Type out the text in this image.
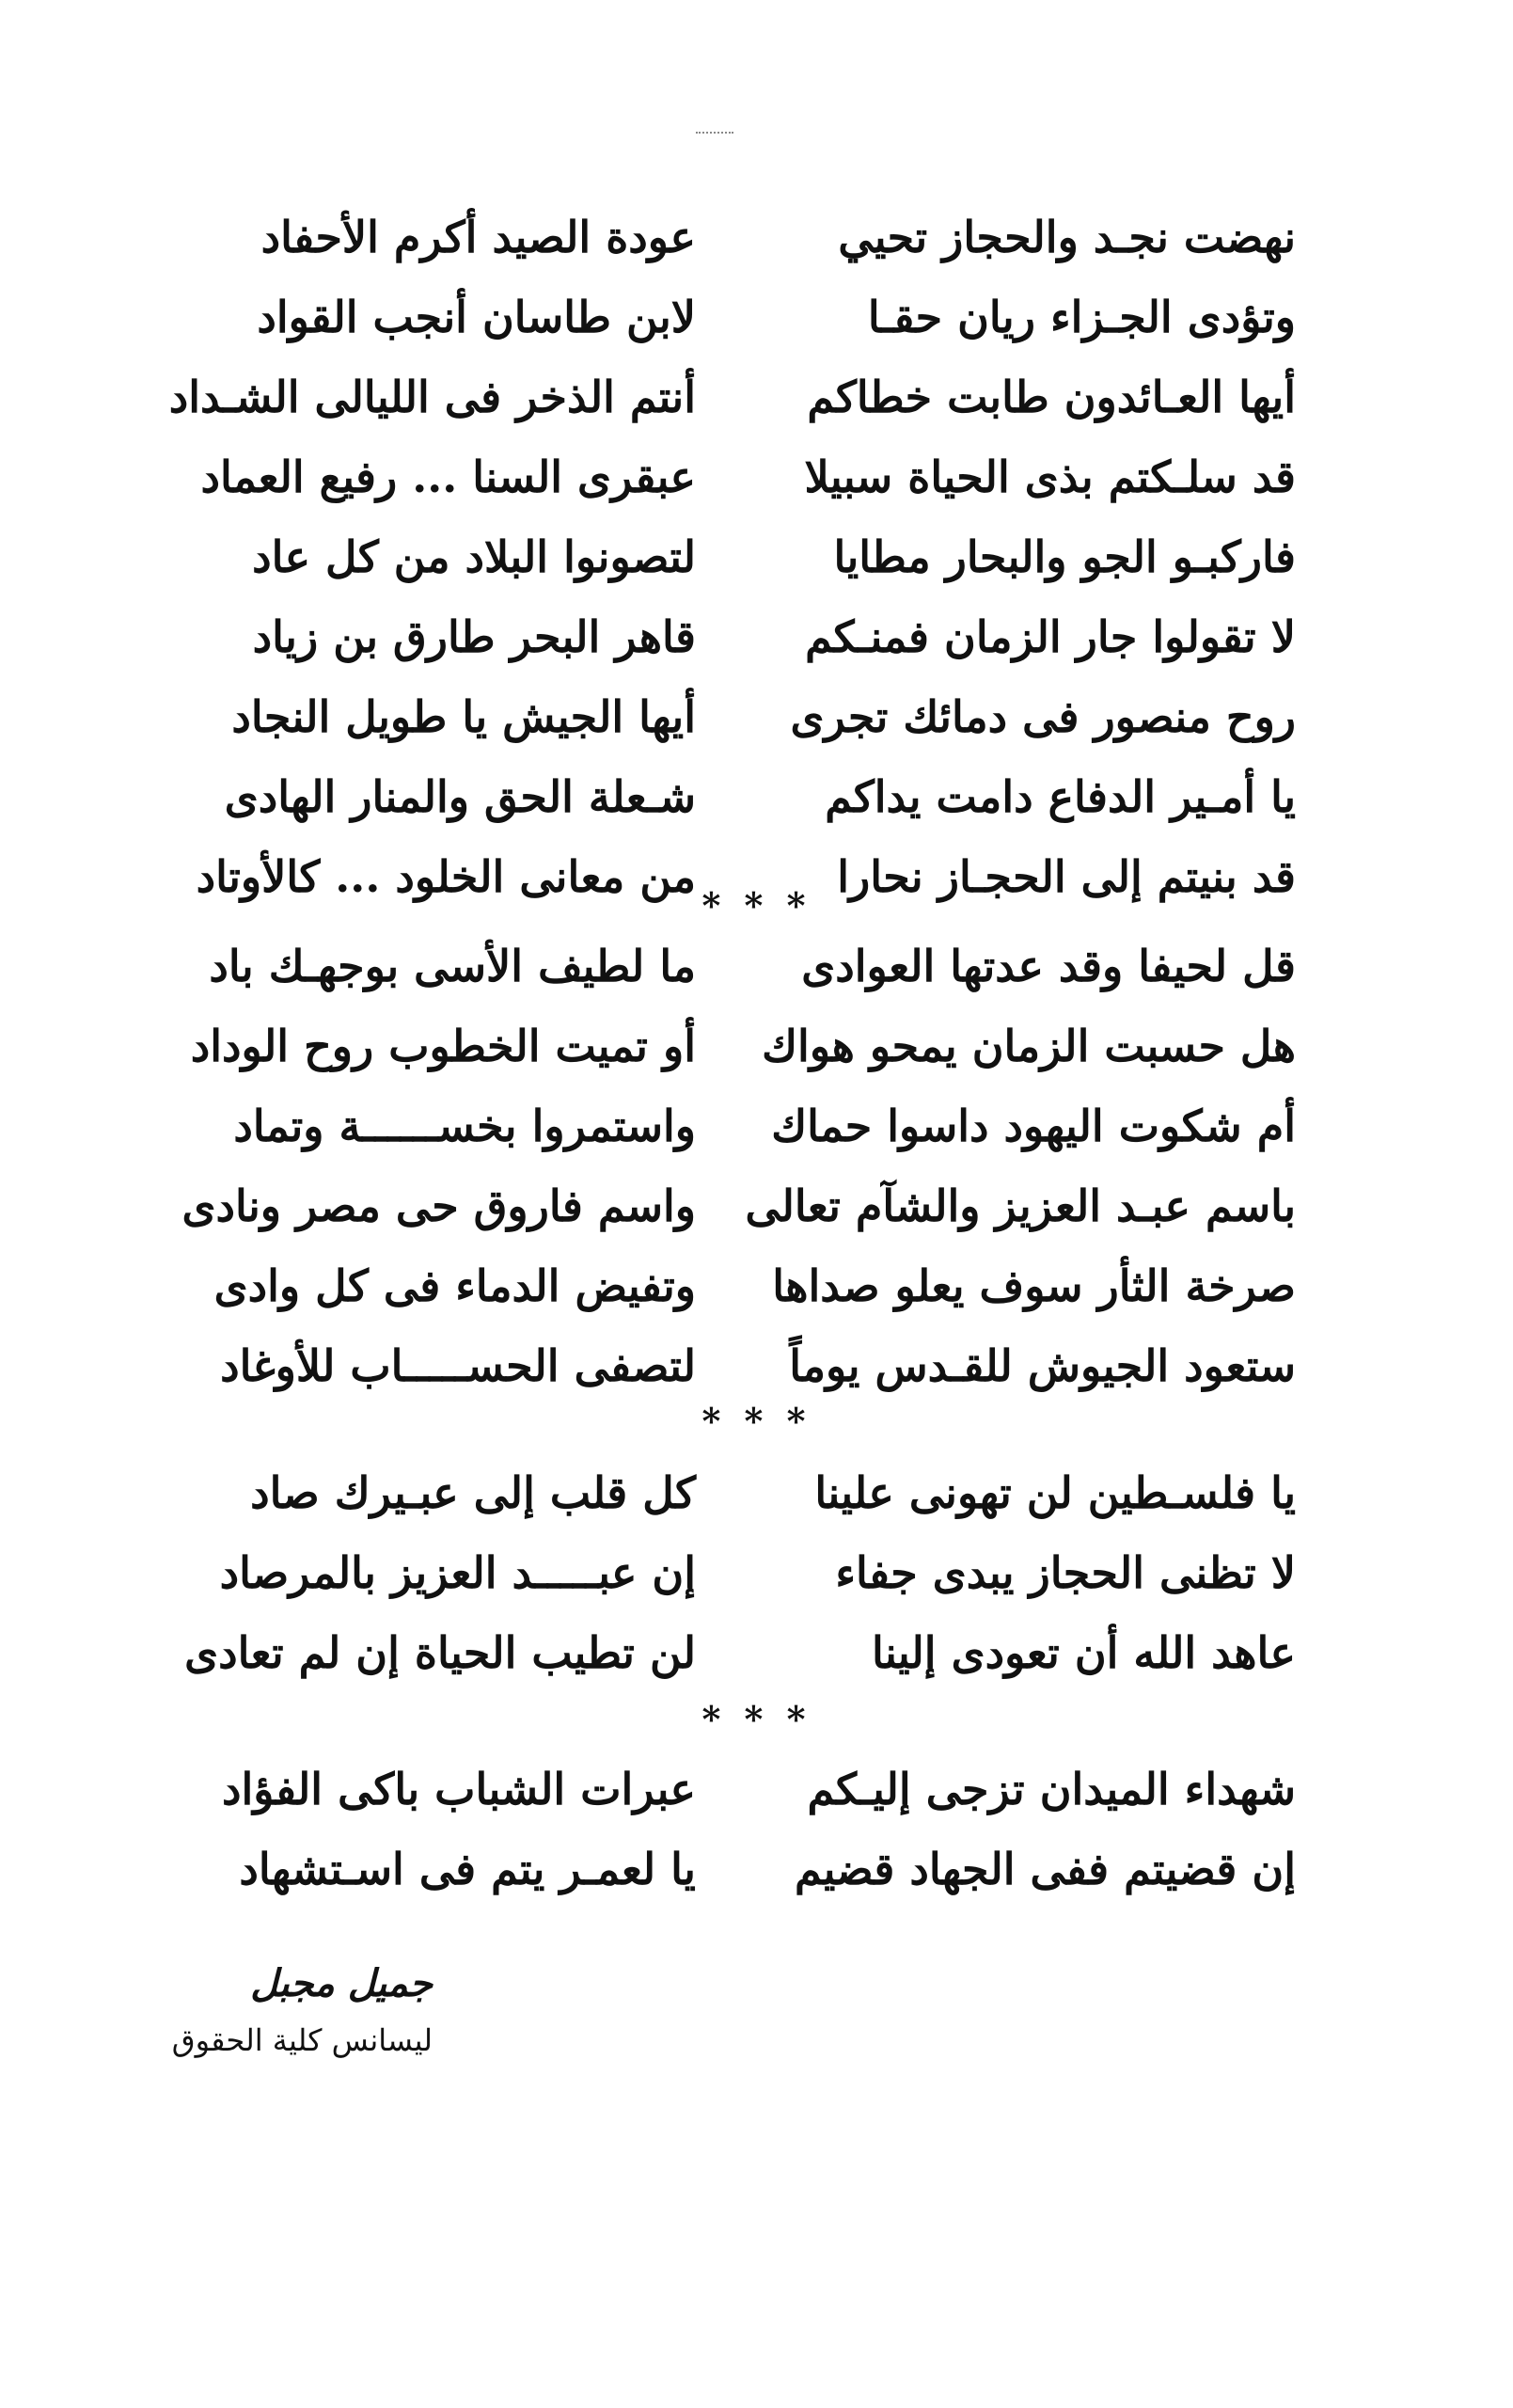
نهضت نجـد والحجاز تحيي
عودة الصيد أكرم الأحفاد
وتؤدى الجـزاء ريان حقـا
لابن طاسان أنجب القواد
أيها العـائدون طابت خطاكم
أنتم الذخر فى الليالى الشـداد
قد سلـكتم بذى الحياة سبيلا
عبقرى السنا ... رفيع العماد
فاركبـو الجو والبحار مطايا
لتصونوا البلاد من كل عاد
لا تقولوا جار الزمان فمنـكم
قاهر البحر طارق بن زياد
روح منصور فى دمائك تجرى
أيها الجيش يا طويل النجاد
يا أمـير الدفاع دامت يداكم
شـعلة الحق والمنار الهادى
قد بنيتم إلى الحجـاز نحارا
من معانى الخلود ... كالأوتاد
* * *
قل لحيفا وقد عدتها العوادى
ما لطيف الأسى بوجهـك باد
هل حسبت الزمان يمحو هواك
أو تميت الخطوب روح الوداد
أم شكوت اليهود داسوا حماك
واستمروا بخســــــة وتماد
باسم عبـد العزيز والشآم تعالى
واسم فاروق حى مصر ونادى
صرخة الثأر سوف يعلو صداها
وتفيض الدماء فى كل وادى
ستعود الجيوش للقـدس يوماً
لتصفى الحســـــاب للأوغاد
* * *
يا فلسـطين لن تهونى علينا
كل قلب إلى عبـيرك صاد
لا تظنى الحجاز يبدى جفاء
إن عبـــــد العزيز بالمرصاد
عاهد الله أن تعودى إلينا
لن تطيب الحياة إن لم تعادى
* * *
شهداء الميدان تزجى إليـكم
عبرات الشباب باكى الفؤاد
إن قضيتم ففى الجهاد قضيم
يا لعمـر يتم فى اسـتشهاد
جميل مجبل
ليسانس كلية الحقوق
